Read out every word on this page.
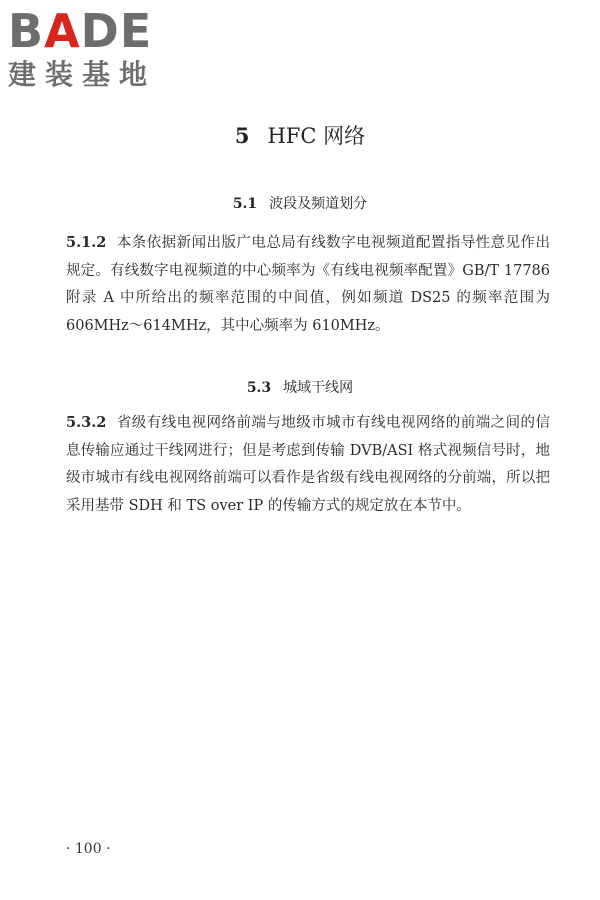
BADE
建装基地
5 HFC 网络
5.1 波段及频道划分
5.1.2 本条依据新闻出版广电总局有线数字电视频道配置指导性意见作出规定。有线数字电视频道的中心频率为《有线电视频率配置》GB/T 17786 附录 A 中所给出的频率范围的中间值，例如频道 DS25 的频率范围为 606MHz～614MHz，其中心频率为 610MHz。
5.3 城域干线网
5.3.2 省级有线电视网络前端与地级市城市有线电视网络的前端之间的信息传输应通过干线网进行；但是考虑到传输 DVB/ASI 格式视频信号时，地级市城市有线电视网络前端可以看作是省级有线电视网络的分前端，所以把采用基带 SDH 和 TS over IP 的传输方式的规定放在本节中。
· 100 ·
